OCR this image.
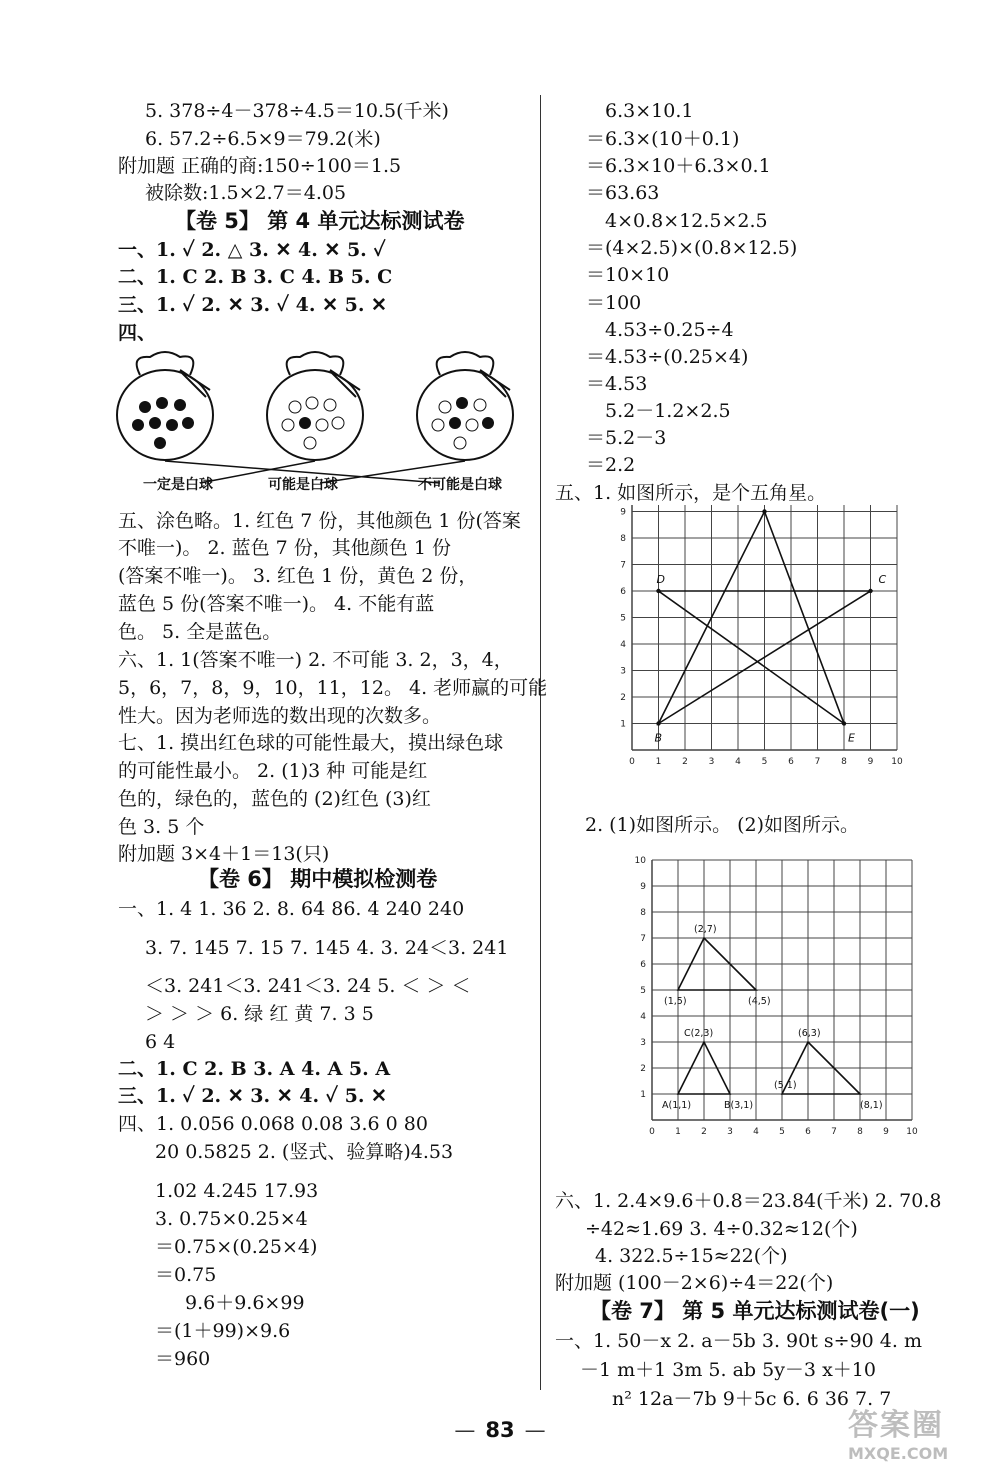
5. 378÷4－378÷4.5＝10.5(千米)
6. 57.2÷6.5×9＝79.2(米)
附加题 正确的商:150÷100＝1.5
被除数:1.5×2.7＝4.05
【卷 5】 第 4 单元达标测试卷
一、1. ✓ 2. △ 3. ✕ 4. ✕ 5. ✓
二、1. C 2. B 3. C 4. B 5. C
三、1. ✓ 2. ✕ 3. ✓ 4. ✕ 5. ✕
四、
一定是白球	可能是白球	不可能是白球
五、涂色略。1. 红色 7 份，其他颜色 1 份(答案
不唯一)。 2. 蓝色 7 份，其他颜色 1 份
(答案不唯一)。 3. 红色 1 份，黄色 2 份，
蓝色 5 份(答案不唯一)。 4. 不能有蓝
色。 5. 全是蓝色。
六、1. 1(答案不唯一) 2. 不可能 3. 2，3，4，
5，6，7，8，9，10，11，12。 4. 老师赢的可能
性大。因为老师选的数出现的次数多。
七、1. 摸出红色球的可能性最大，摸出绿色球
的可能性最小。 2. (1)3 种 可能是红
色的，绿色的，蓝色的 (2)红色 (3)红
色 3. 5 个
附加题 3×4＋1＝13(只)
【卷 6】 期中模拟检测卷
一、1. 4 1. 36 2. 8. 64 86. 4 240 240
3. 7. 145 7. 15 7. 145 4. 3. 24＜3. 241
＜3. 241＜3. 241＜3. 24 5. ＜ ＞ ＜
＞ ＞ ＞ 6. 绿 红 黄 7. 3 5
6 4
二、1. C 2. B 3. A 4. A 5. A
三、1. ✓ 2. ✕ 3. ✕ 4. ✓ 5. ✕
四、1. 0.056 0.068 0.08 3.6 0 80
20 0.5825 2. (竖式、验算略)4.53
1.02 4.245 17.93
3. 0.75×0.25×4
＝0.75×(0.25×4)
＝0.75
9.6＋9.6×99
＝(1＋99)×9.6
＝960
6.3×10.1
＝6.3×(10＋0.1)
＝6.3×10＋6.3×0.1
＝63.63
4×0.8×12.5×2.5
＝(4×2.5)×(0.8×12.5)
＝10×10
＝100
4.53÷0.25÷4
＝4.53÷(0.25×4)
＝4.53
5.2－1.2×2.5
＝5.2－3
＝2.2
五、1. 如图所示，是个五角星。
0 1
1
2
2
3
3
4
4
5
5
6
6
7
7
8
8
9
9
10
B
C
D
E
2. (1)如图所示。 (2)如图所示。
0 1
1
2
2
3
3
4
4
5
5
6
6
7
7
8
8
9
9
10
10
(2,7)
(1,5)	(4,5)
C(2,3)	(6,3)
A(1,1)	B(3,1)
(5,1)
(8,1)
六、1. 2.4×9.6＋0.8＝23.84(千米) 2. 70.8
÷42≈1.69 3. 4÷0.32≈12(个)
4. 322.5÷15≈22(个)
附加题 (100－2×6)÷4＝22(个)
【卷 7】 第 5 单元达标测试卷(一)
一、1. 50－x 2. a－5b 3. 90t s÷90 4. m
－1 m＋1 3m 5. ab 5y－3 x＋10
n² 12a－7b 9＋5c 6. 6 36 7. 7
— 83 —	答案圈
MXQE.COM
